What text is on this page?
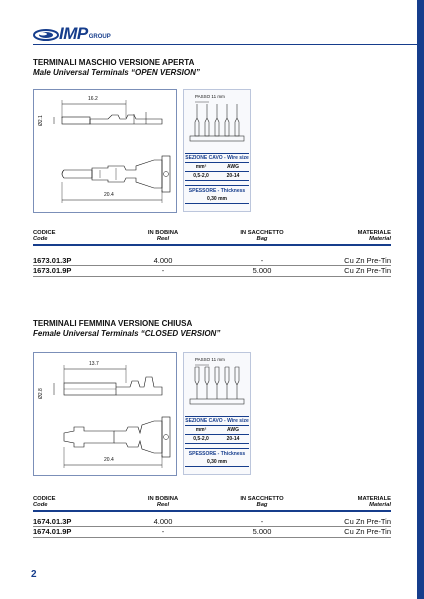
IMP GROUP
TERMINALI MASCHIO VERSIONE APERTA
Male Universal Terminals “OPEN VERSION”
16.2
Ø2.1
20.4
PASSO 11 mm
SEZIONE CAVO - Wire size
mm²	AWG
0,5-2,0	20-14
SPESSORE - Thickness
0,30 mm
CODICE
Code
IN BOBINA
Reel
IN SACCHETTO
Bag
MATERIALE
Material
1673.01.3P	4.000	-	Cu Zn Pre-Tin
1673.01.9P	-	5.000	Cu Zn Pre-Tin
TERMINALI FEMMINA VERSIONE CHIUSA
Female Universal Terminals “CLOSED VERSION”
13.7
Ø2.8
20.4
PASSO 11 mm
SEZIONE CAVO - Wire size
mm²	AWG
0,5-2,0	20-14
SPESSORE - Thickness
0,30 mm
CODICE
Code
IN BOBINA
Reel
IN SACCHETTO
Bag
MATERIALE
Material
1674.01.3P	4.000	-	Cu Zn Pre-Tin
1674.01.9P	-	5.000	Cu Zn Pre-Tin
2
